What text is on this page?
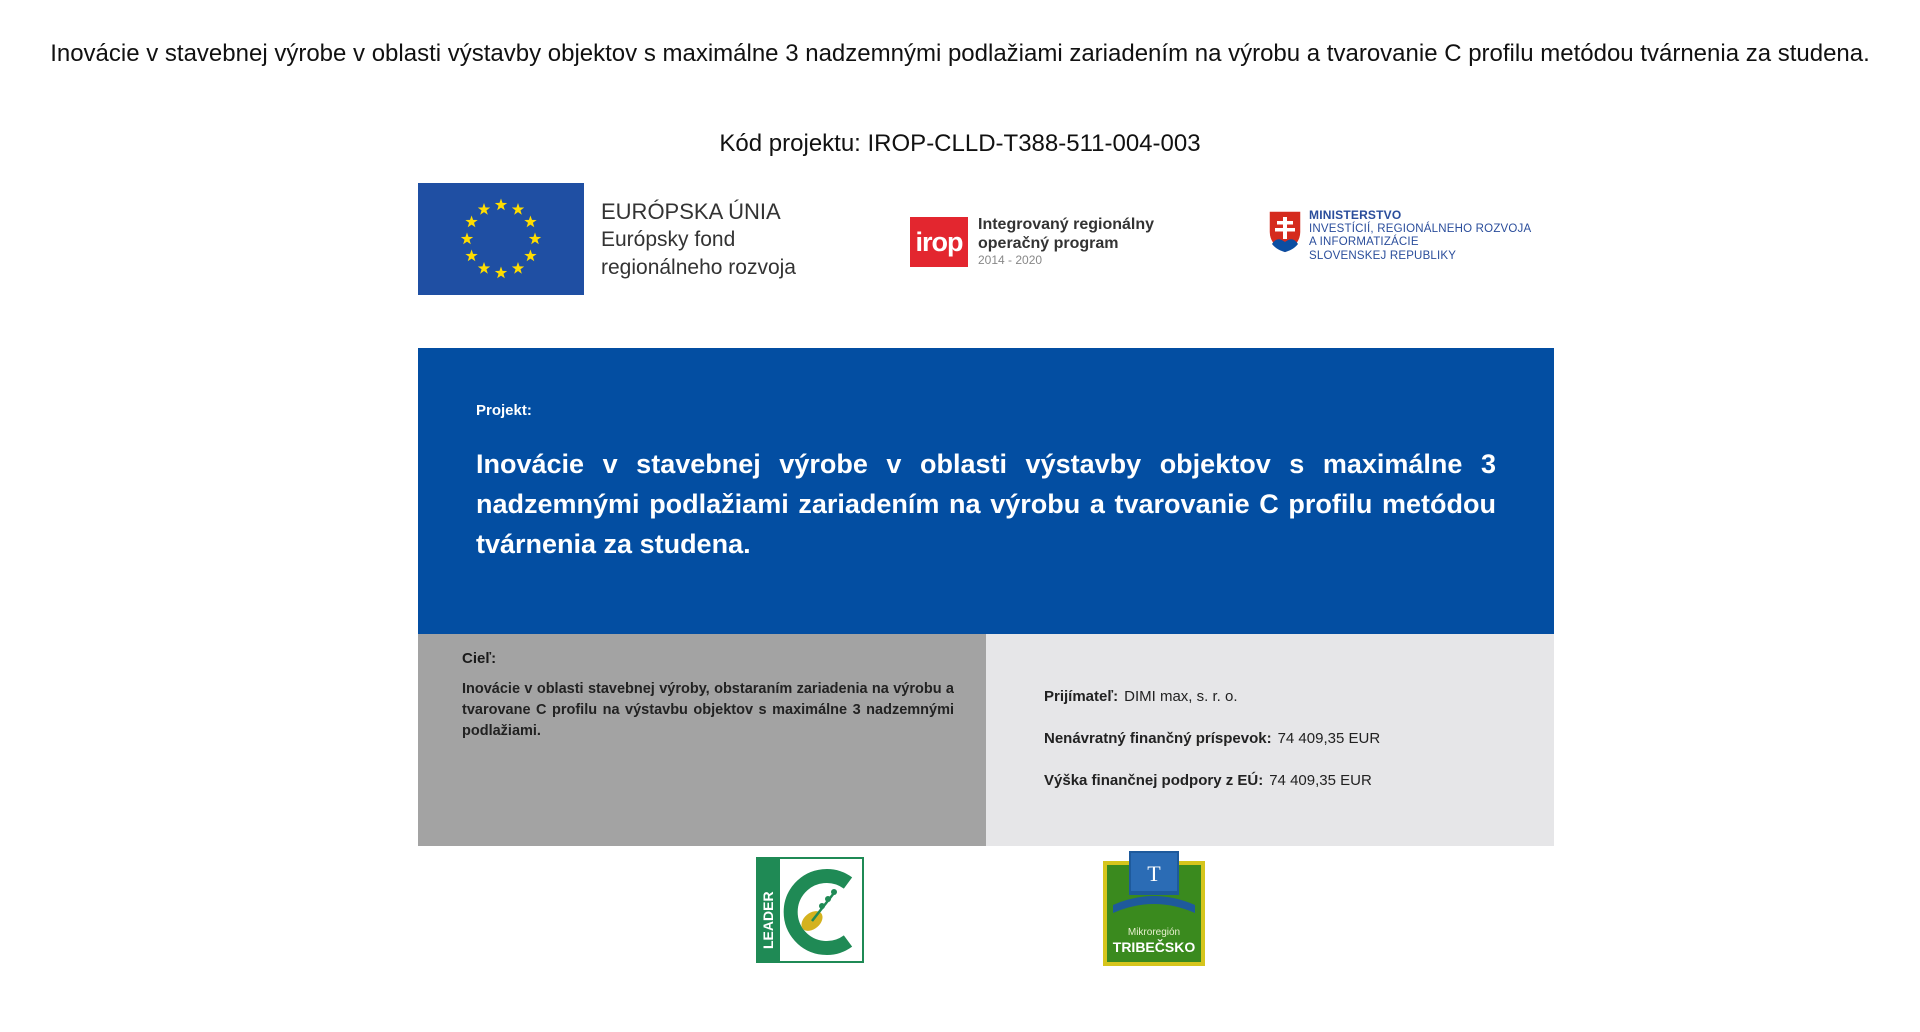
Inovácie v stavebnej výrobe v oblasti výstavby objektov s maximálne 3 nadzemnými podlažiami zariadením na výrobu a tvarovanie C profilu metódou tvárnenia za studena.
Kód projektu: IROP-CLLD-T388-511-004-003
EURÓPSKA ÚNIA
Európsky fond
regionálneho rozvoja
irop
Integrovaný regionálny
operačný program
2014 - 2020
MINISTERSTVO
INVESTÍCIÍ, REGIONÁLNEHO ROZVOJA
A INFORMATIZÁCIE
SLOVENSKEJ REPUBLIKY
Projekt:
Inovácie v stavebnej výrobe v oblasti výstavby objektov s maximálne 3 nadzemnými podlažiami zariadením na výrobu a tvarovanie C profilu metódou tvárnenia za studena.
Cieľ:
Inovácie v oblasti stavebnej výroby, obstaraním zariadenia na výrobu a tvarovane C profilu na výstavbu objektov s maximálne 3 nadzemnými podlažiami.
Prijímateľ: DIMI max, s. r. o.
Nenávratný finančný príspevok: 74 409,35 EUR
Výška finančnej podpory z EÚ: 74 409,35 EUR
LEADER
T
Mikroregión
TRIBEČSKO
